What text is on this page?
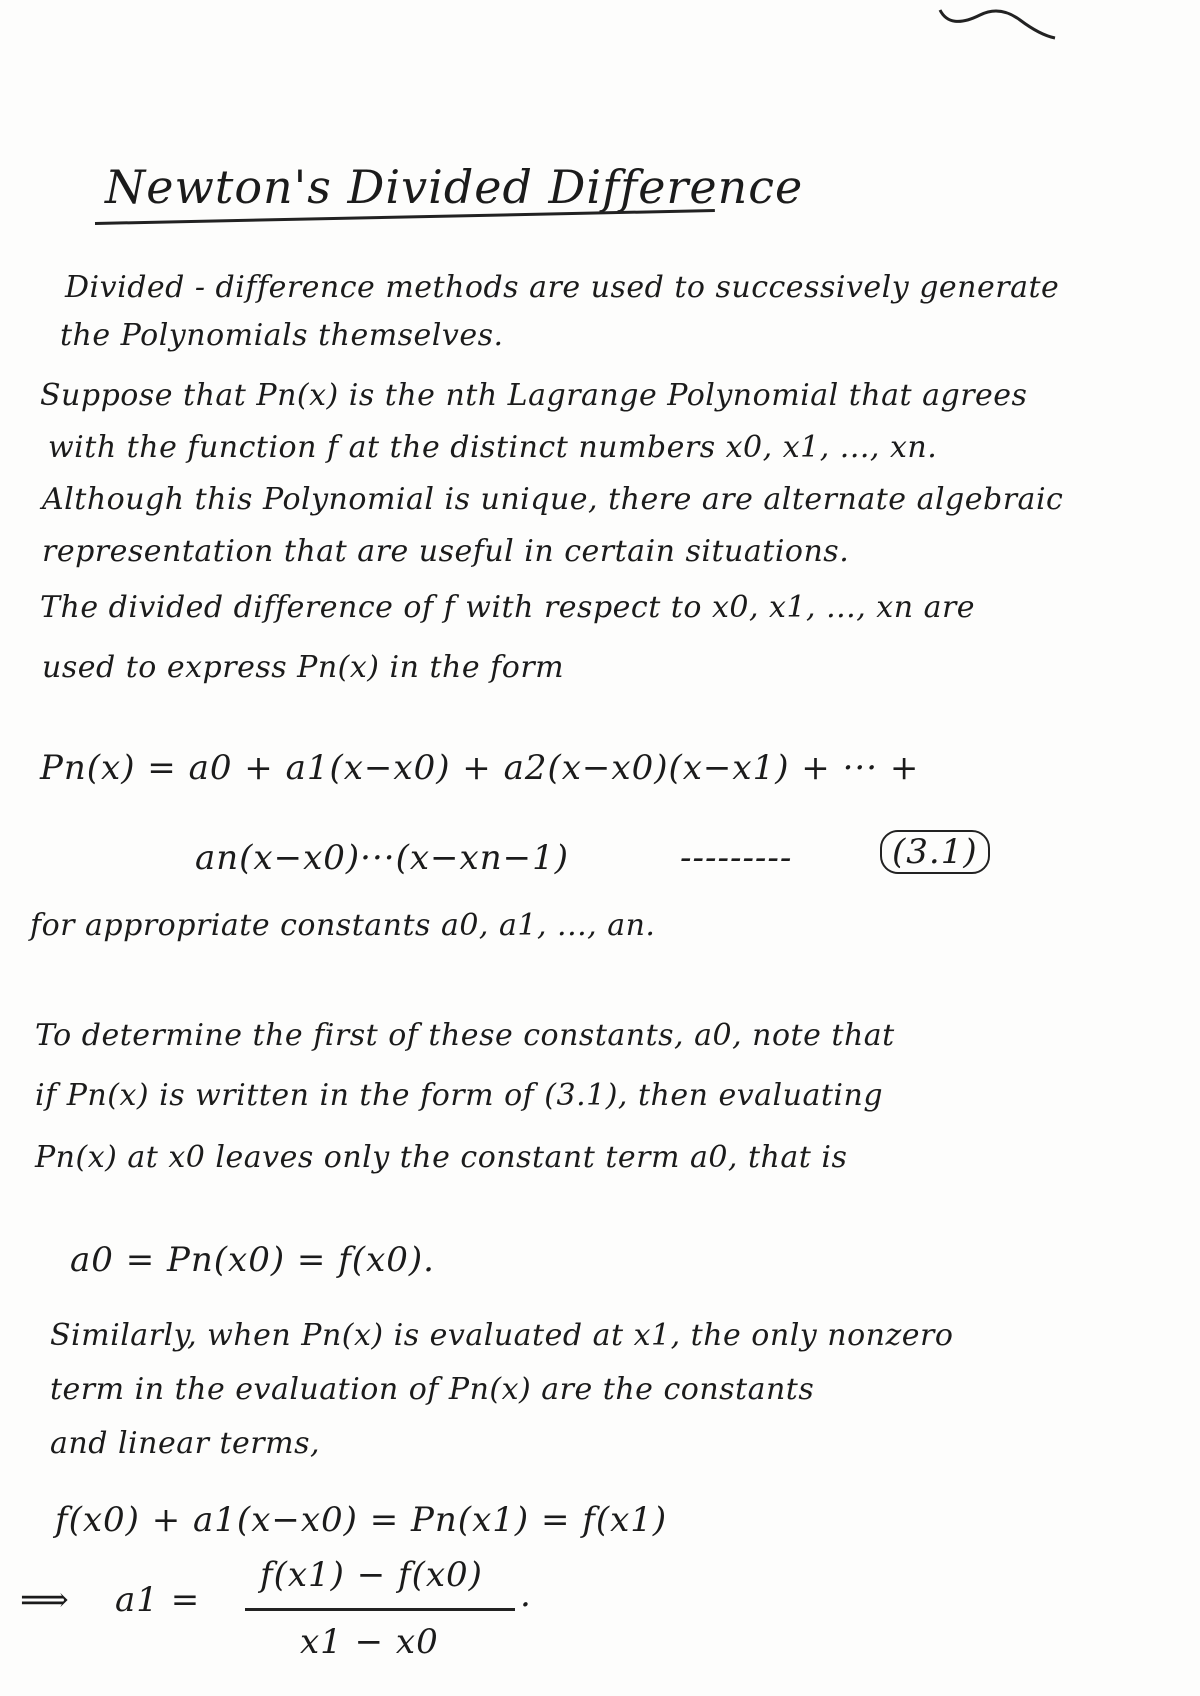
Newton's Divided Difference
Divided - difference methods are used to successively generate
the Polynomials themselves.
Suppose that Pn(x) is the nth Lagrange Polynomial that agrees
with the function f at the distinct numbers x0, x1, ..., xn.
Although this Polynomial is unique, there are alternate algebraic
representation that are useful in certain situations.
The divided difference of f with respect to x0, x1, ..., xn are
used to express Pn(x) in the form
Pn(x) = a0 + a1(x−x0) + a2(x−x0)(x−x1) + ··· +
an(x−x0)···(x−xn−1)	---------	(3.1)
for appropriate constants a0, a1, ..., an.
To determine the first of these constants, a0, note that
if Pn(x) is written in the form of (3.1), then evaluating
Pn(x) at x0 leaves only the constant term a0, that is
a0 = Pn(x0) = f(x0).
Similarly, when Pn(x) is evaluated at x1, the only nonzero
term in the evaluation of Pn(x) are the constants
and linear terms,
f(x0) + a1(x−x0) = Pn(x1) = f(x1)
⟹ a1 =
f(x1) − f(x0) .
x1 − x0
